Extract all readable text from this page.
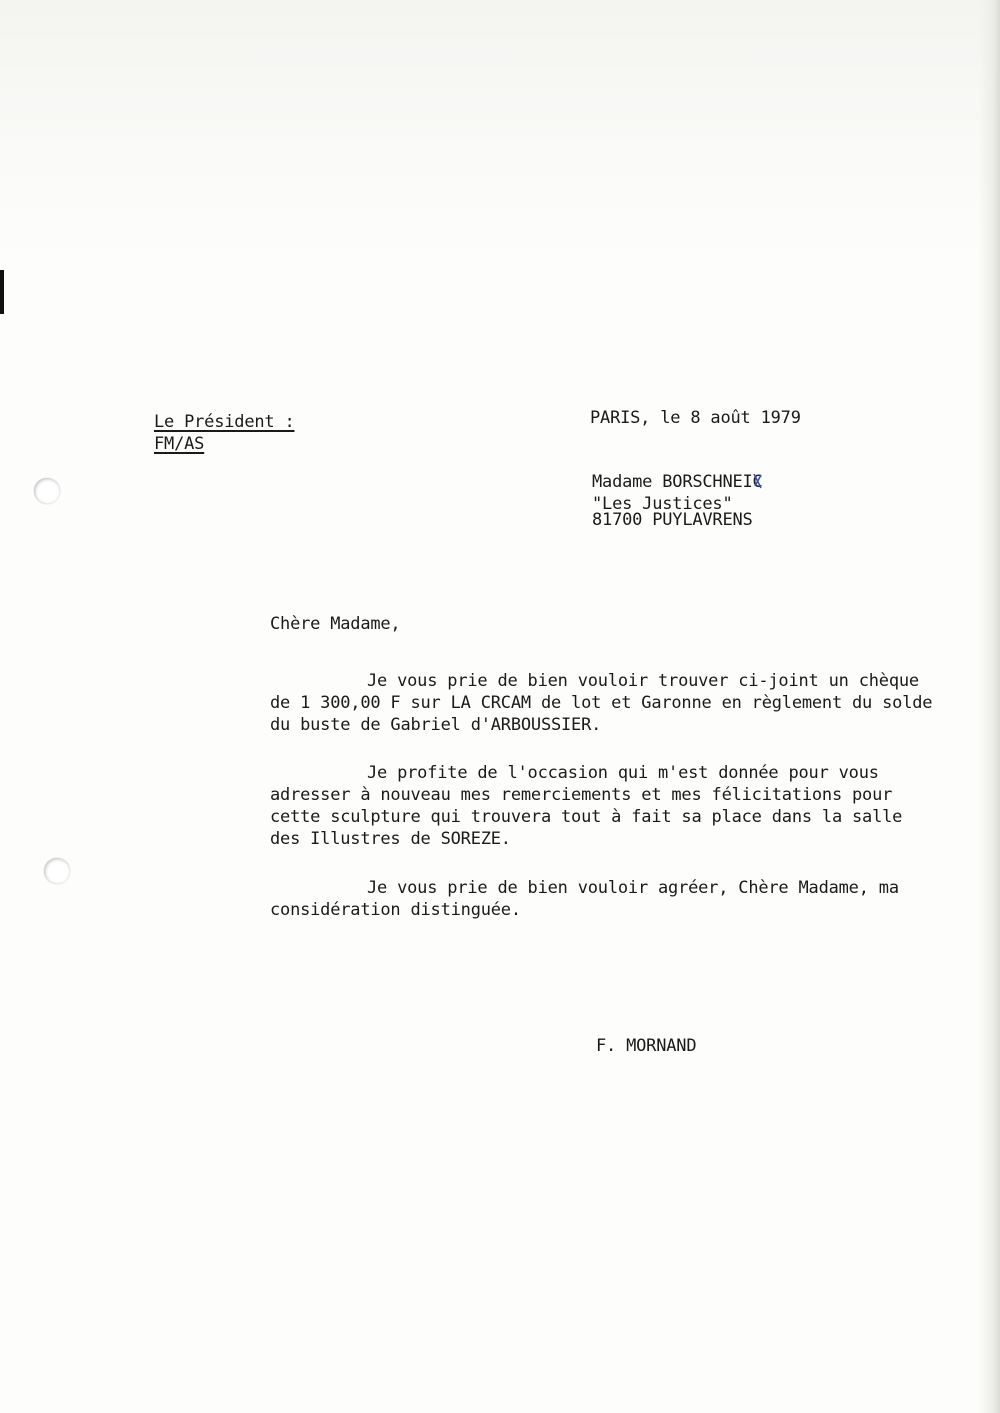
Le Président :
FM/AS
PARIS, le 8 août 1979
Madame BORSCHNEIC
"Les Justices"
81700 PUYLAVRENS
Chère Madame,
Je vous prie de bien vouloir trouver ci-joint un chèque
de 1 300,00 F sur LA CRCAM de lot et Garonne en règlement du solde
du buste de Gabriel d'ARBOUSSIER.
Je profite de l'occasion qui m'est donnée pour vous
adresser à nouveau mes remerciements et mes félicitations pour
cette sculpture qui trouvera tout à fait sa place dans la salle
des Illustres de SOREZE.
Je vous prie de bien vouloir agréer, Chère Madame, ma
considération distinguée.
F. MORNAND
